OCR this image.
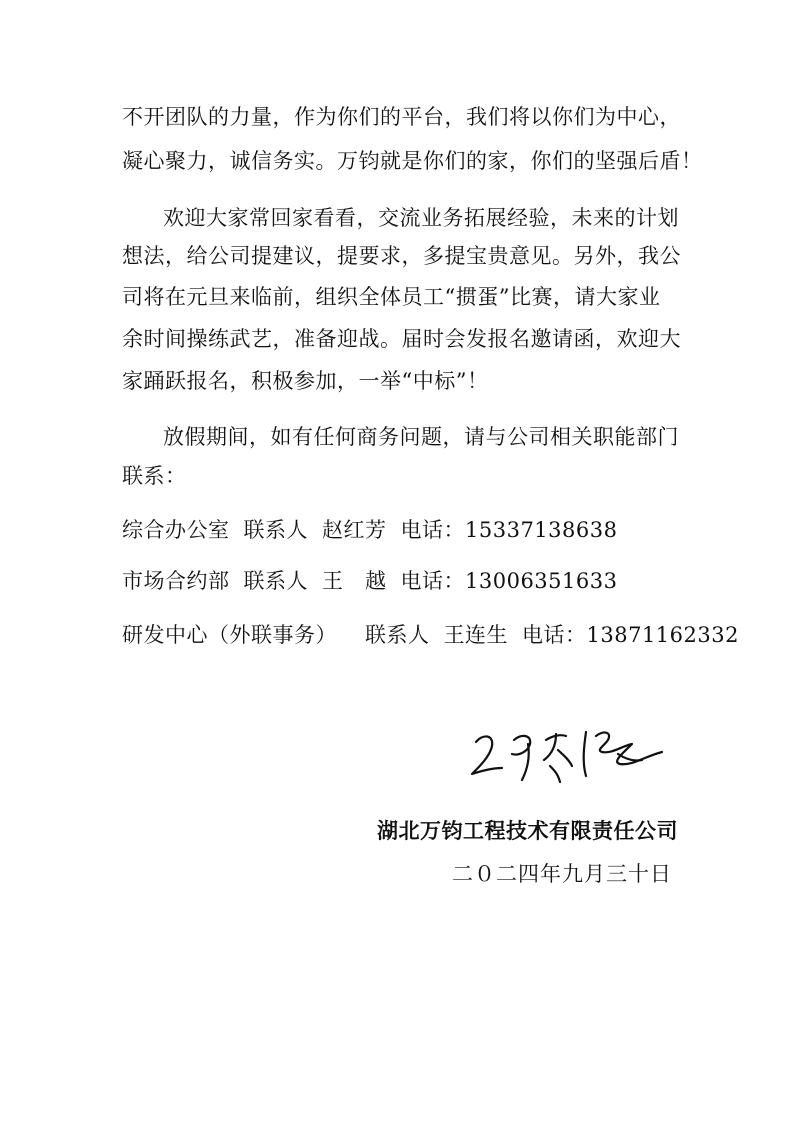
不开团队的力量，作为你们的平台，我们将以你们为中心，
凝心聚力，诚信务实。万钧就是你们的家，你们的坚强后盾！
欢迎大家常回家看看，交流业务拓展经验，未来的计划
想法，给公司提建议，提要求，多提宝贵意见。另外，我公
司将在元旦来临前，组织全体员工“掼蛋”比赛，请大家业
余时间操练武艺，准备迎战。届时会发报名邀请函，欢迎大
家踊跃报名，积极参加，一举“中标”！
放假期间，如有任何商务问题，请与公司相关职能部门
联系：
综合办公室 联系人 赵红芳 电话：15337138638
市场合约部 联系人 王　越 电话：13006351633
研发中心（外联事务） 联系人 王连生 电话：13871162332
湖北万钧工程技术有限责任公司
二０二四年九月三十日
